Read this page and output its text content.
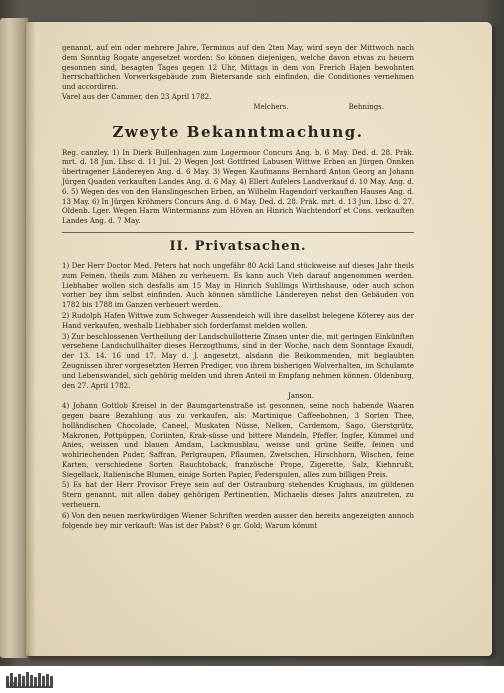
genannt, auf ein oder mehrere Jahre, Terminus auf den 2ten May, wird seyn der Mittwoch nach dem Sonntag Rogate angesetzet worden: So können diejenigen, welche davon etwas zu heuern gesonnen sind, besagten Tages gegen 12 Uhr, Mittags in dem von Frerich Hajen bewohnten herrschaftlichen Vorwerksgebäude zum Bietersande sich einfinden, die Conditiones vernehmen und accordiren.

Varel aus der Cammer, den 23 April 1782.

Melchers.	Behnings.
Zweyte Bekanntmachung.

Reg. canzley. 1) In Dierk Bullenhagen zum Logermoor Concurs Ang. b. 6 May. Ded. d. 28. Präk. mrt. d. 18 Jun. Lbsc d. 11 Jul. 2) Wegen Jost Gottfried Labusen Wittwe Erben an Jürgen Onnken übertragener Ländereyen Ang. d. 6 May. 3) Wegen Kaufmanns Bernhard Anton Georg an Johann Jürgen Quaden verkauften Landes Ang. d. 6 May. 4) Ellert Aufelers Landverkauf d. 10 May. Ang. d. 6. 5) Wegen des von den Hanslingeschen Erben, an Wilhelm Hagendorf verkauften Hauses Ang. d. 13 May. 6) In Jürgen Kröhmers Concurs Ang. d. 6 May. Ded. d. 28. Präk. mrt. d. 13 Jun. Lbsc d. 27. Oldenb. Lger. Wegen Harm Wintermanns zum Höven an Hinrich Wachtendorf et Cons. verkauften Landes Ang. d. 7 May.

II. Privatsachen.

1) Der Herr Doctor Med. Peters hat noch ungefähr 80 Ackl Land stückweise auf dieses Jahr theils zum Feinen, theils zum Mähen zu verheuern. Es kann auch Vieh darauf angenommen werden. Liebhaber wollen sich desfalls am 15 May in Hinrich Suhllings Wirthshause, oder auch schon vorher bey ihm selbst einfinden. Auch können sämtliche Ländereyen nebst den Gebäuden von 1782 bis 1788 im Ganzen verheuert werden.

2) Rudolph Hafen Wittwe zum Schweger Aussendeich will ihre daselbst belegene Köterey aus der Hand verkaufen, weshalb Liebhaber sich forderfamst melden wollen.

3) Zur beschlossenen Vertheilung der Landschullotterie Zinsen unter die, mit geringen Einkünften versehene Landschullhalter dieses Herzogthums, sind in der Woche, nach dem Sonntage Exaudi, der 13. 14. 16 und 17. May d. J. angesetzt, alsdann die Beikommenden, mit beglaubten Zeugnissen ihrer vorgesetzten Herren Prediger, von ihrem bisherigen Wolverhalten, im Schulamte und Lebenswandel, sich gehörig melden und ihren Anteil in Empfang nehmen können. Oldenburg, den 27. April 1782.

Janson.

4) Johann Gottlob Kreisel in der Baumgartenstraße ist gesonnen, seine noch habende Waaren gegen baare Bezahlung aus zu verkaufen, als: Martinique Caffeebohnen, 3 Sorten Thee, holländischen Chocolade, Caneel, Muskaten Nüsse, Nelken, Cardemom, Sago, Gierstgrütz, Makronen, Pottpüppen, Coriinten, Krak-süsse und bittere Mandeln, Pfeffer, Ingfer, Kümmel und Anies, weissen und blauen Amdam, Lackmusblau, weisse und grüne Seiffe, feinen und wohlriechenden Puder, Saffran, Perlgraupen, Pflaumen, Zwetschen, Hirschhorn, Wischen, feine Karten, verschiedene Sorten Rauchtoback, französche Prope, Zigerette, Salz, Kiehnrußt, Siegellack, Italienische Blumen, einige Sorten Papier, Federspulen, alles zum billigen Preis.

5) Es hat der Herr Provisor Freye sein auf der Ostrauburg stehendes Krughaus, im güldenen Stern genannt, mit allen dabey gehörigen Pertinentien, Michaelis dieses Jahrs anzutreten, zu verheuern.

6) Von den neuen merkwürdigen Wiener Schriften werden ausser den bereits angezeigten annoch folgende bey mir verkauft: Was ist der Pabst? 6 gr. Gold; Warum kömmt

NLB OL
